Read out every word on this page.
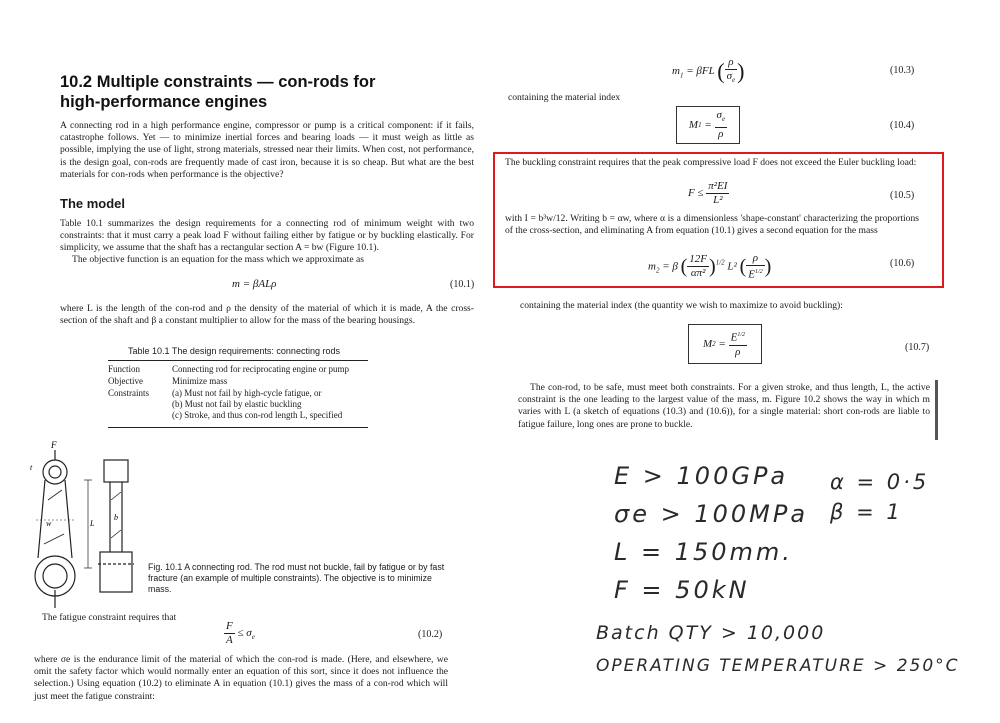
10.2 Multiple constraints — con-rods for
high-performance engines
A connecting rod in a high performance engine, compressor or pump is a critical component: if it fails, catastrophe follows. Yet — to minimize inertial forces and bearing loads — it must weigh as little as possible, implying the use of light, strong materials, stressed near their limits. When cost, not performance, is the design goal, con-rods are frequently made of cast iron, because it is so cheap. But what are the best materials for con-rods when performance is the objective?
The model
Table 10.1 summarizes the design requirements for a connecting rod of minimum weight with two constraints: that it must carry a peak load F without failing either by fatigue or by buckling elastically. For simplicity, we assume that the shaft has a rectangular section A = bw (Figure 10.1).
The objective function is an equation for the mass which we approximate as
m = βALρ	(10.1)
where L is the length of the con-rod and ρ the density of the material of which it is made, A the cross-section of the shaft and β a constant multiplier to allow for the mass of the bearing housings.
Table 10.1 The design requirements: connecting rods
Function	Connecting rod for reciprocating engine or pump
Objective	Minimize mass
Constraints	(a) Must not fail by high-cycle fatigue, or
	(b) Must not fail by elastic buckling
	(c) Stroke, and thus con-rod length L, specified
F
t
w	L
b
Fig. 10.1 A connecting rod. The rod must not buckle, fail by fatigue or by fast fracture (an example of multiple constraints). The objective is to minimize mass.
The fatigue constraint requires that
$\frac{F}{A} \le \sigma_e$	(10.2)
where σe is the endurance limit of the material of which the con-rod is made. (Here, and elsewhere, we omit the safety factor which would normally enter an equation of this sort, since it does not influence the selection.) Using equation (10.2) to eliminate A in equation (10.1) gives the mass of a con-rod which will just meet the fatigue constraint:
$m_1 = \beta FL$ ( $\frac{\rho}{\sigma_e}$ )	(10.3)
containing the material index
M $1 = \frac{\sigma_e}{\rho}$	(10.4)
The buckling constraint requires that the peak compressive load F does not exceed the Euler buckling load:
$F \le \frac{\text{π²EI}}{\text{L²}}$	(10.5)
with I = b³w/12. Writing b = αw, where α is a dimensionless 'shape-constant' characterizing the proportions of the cross-section, and eliminating A from equation (10.1) gives a second equation for the mass
$m_2 = \beta$ ( $\frac{12F}{\text{απ²}} )^{1/2}$ L² ( $\frac{\rho}{E^{1/2}}$ )	(10.6)
containing the material index (the quantity we wish to maximize to avoid buckling):
M $2 = \frac{E^{1/2}}{\rho}$	(10.7)
The con-rod, to be safe, must meet both constraints. For a given stroke, and thus length, L, the active constraint is the one leading to the largest value of the mass, m. Figure 10.2 shows the way in which m varies with L (a sketch of equations (10.3) and (10.6)), for a single material: short con-rods are liable to fatigue failure, long ones are prone to buckle.
E > 100GPa
σe > 100MPa
L = 150mm.
F = 50kN
α = 0·5
β = 1
Batch QTY > 10,000
OPERATING TEMPERATURE > 250°C
